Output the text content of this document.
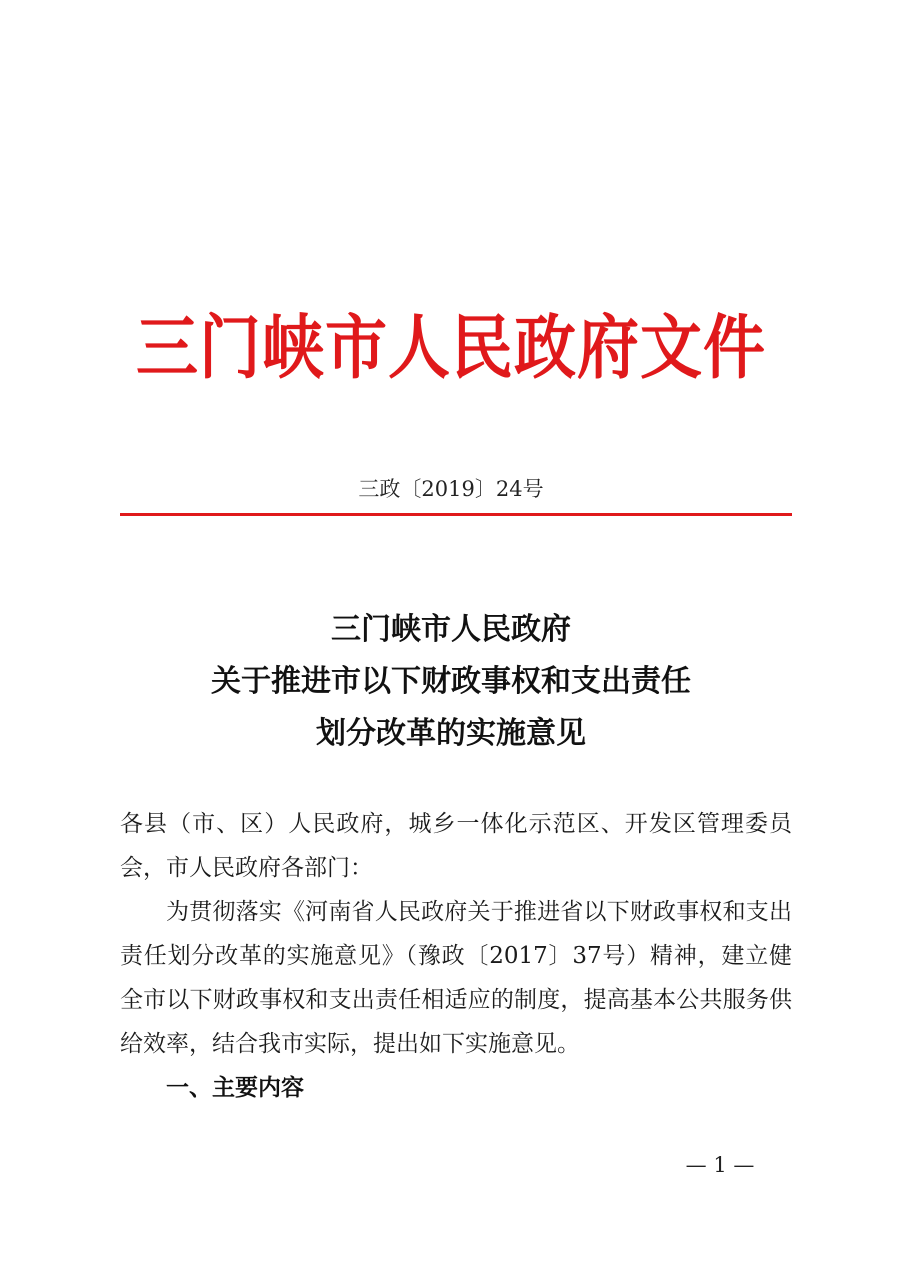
三门峡市人民政府文件
三政〔2019〕24号
三门峡市人民政府
关于推进市以下财政事权和支出责任
划分改革的实施意见

各县（市、区）人民政府，城乡一体化示范区、开发区管理委员会，市人民政府各部门：

为贯彻落实《河南省人民政府关于推进省以下财政事权和支出责任划分改革的实施意见》（豫政〔2017〕37号）精神，建立健全市以下财政事权和支出责任相适应的制度，提高基本公共服务供给效率，结合我市实际，提出如下实施意见。

一、主要内容

— 1 —
